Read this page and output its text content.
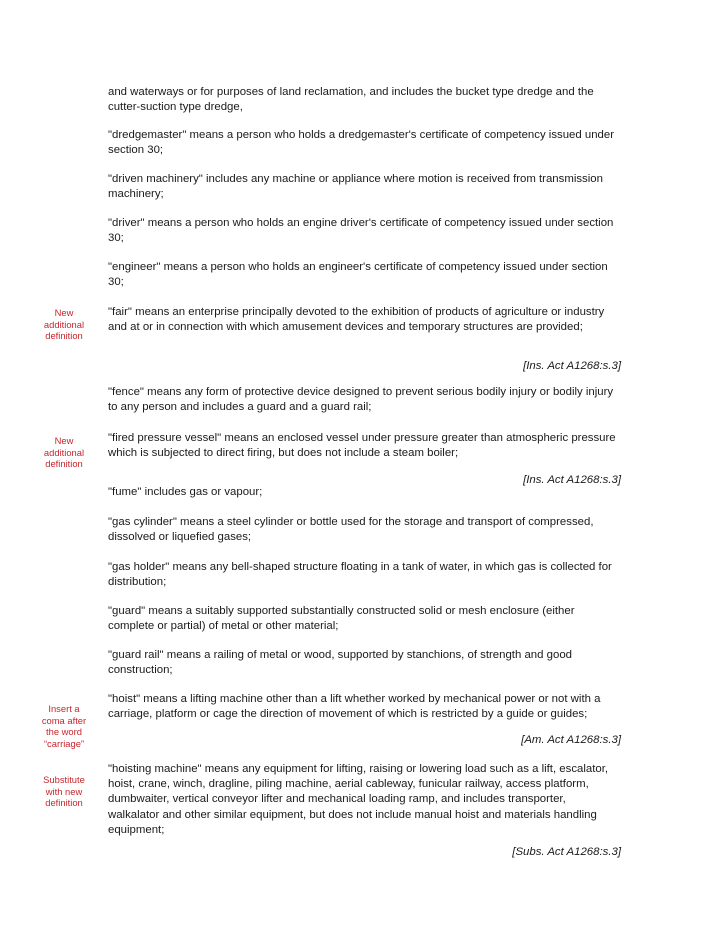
and waterways or for purposes of land reclamation, and includes the bucket type dredge and the cutter-suction type dredge,

"dredgemaster" means a person who holds a dredgemaster's certificate of competency issued under section 30;

"driven machinery" includes any machine or appliance where motion is received from transmission machinery;

"driver" means a person who holds an engine driver's certificate of competency issued under section 30;

"engineer" means a person who holds an engineer's certificate of competency issued under section 30;

"fair" means an enterprise principally devoted to the exhibition of products of agriculture or industry and at or in connection with which amusement devices and temporary structures are provided;

"fence" means any form of protective device designed to prevent serious bodily injury or bodily injury to any person and includes a guard and a guard rail;

"fired pressure vessel" means an enclosed vessel under pressure greater than atmospheric pressure which is subjected to direct firing, but does not include a steam boiler;

"fume" includes gas or vapour;

"gas cylinder" means a steel cylinder or bottle used for the storage and transport of compressed, dissolved or liquefied gases;

"gas holder" means any bell-shaped structure floating in a tank of water, in which gas is collected for distribution;

"guard" means a suitably supported substantially constructed solid or mesh enclosure (either complete or partial) of metal or other material;

"guard rail" means a railing of metal or wood, supported by stanchions, of strength and good construction;

"hoist" means a lifting machine other than a lift whether worked by mechanical power or not with a carriage, platform or cage the direction of movement of which is restricted by a guide or guides;

"hoisting machine" means any equipment for lifting, raising or lowering load such as a lift, escalator, hoist, crane, winch, dragline, piling machine, aerial cableway, funicular railway, access platform, dumbwaiter, vertical conveyor lifter and mechanical loading ramp, and includes transporter, walkalator and other similar equipment, but does not include manual hoist and materials handling equipment;

[Ins. Act A1268:s.3]
[Ins. Act A1268:s.3]
[Am. Act A1268:s.3]
[Subs. Act A1268:s.3]
New
additional
definition
New
additional
definition
Insert a
coma after
the word
“carriage”
Substitute
with new
definition
